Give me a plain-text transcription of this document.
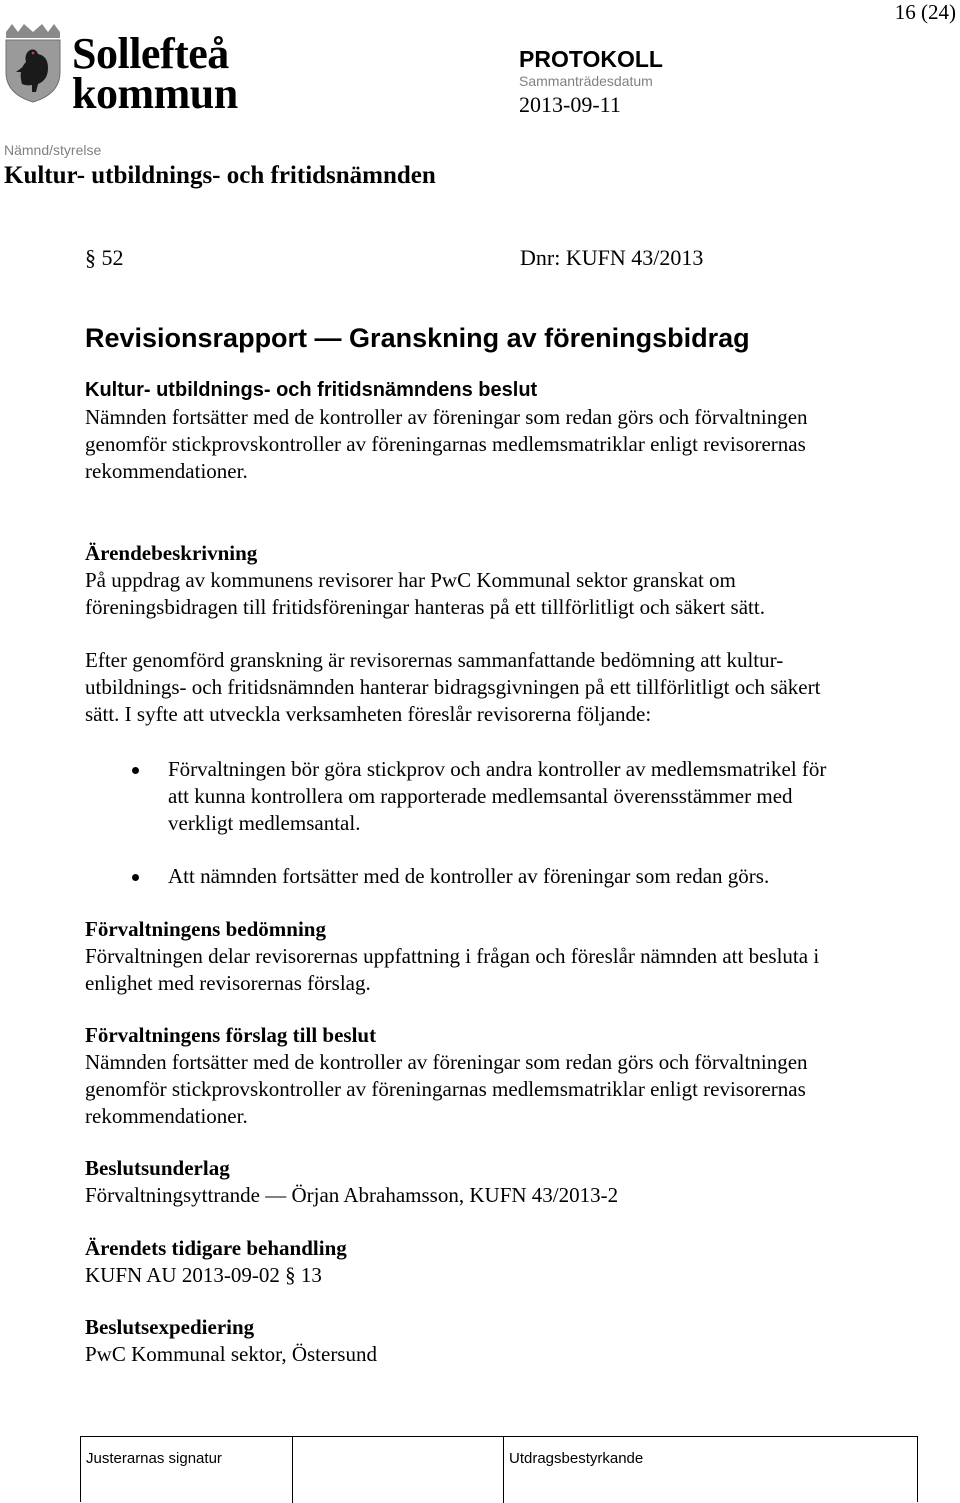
16 (24)
Sollefteå
kommun
PROTOKOLL
Sammanträdesdatum
2013-09-11
Nämnd/styrelse
Kultur- utbildnings- och fritidsnämnden
§ 52	Dnr: KUFN 43/2013
Revisionsrapport — Granskning av föreningsbidrag
Kultur- utbildnings- och fritidsnämndens beslut
Nämnden fortsätter med de kontroller av föreningar som redan görs och förvaltningen
genomför stickprovskontroller av föreningarnas medlemsmatriklar enligt revisorernas
rekommendationer.
Ärendebeskrivning
På uppdrag av kommunens revisorer har PwC Kommunal sektor granskat om
föreningsbidragen till fritidsföreningar hanteras på ett tillförlitligt och säkert sätt.
Efter genomförd granskning är revisorernas sammanfattande bedömning att kultur-
utbildnings- och fritidsnämnden hanterar bidragsgivningen på ett tillförlitligt och säkert
sätt. I syfte att utveckla verksamheten föreslår revisorerna följande:
Förvaltningen bör göra stickprov och andra kontroller av medlemsmatrikel för
att kunna kontrollera om rapporterade medlemsantal överensstämmer med
verkligt medlemsantal.
Att nämnden fortsätter med de kontroller av föreningar som redan görs.
Förvaltningens bedömning
Förvaltningen delar revisorernas uppfattning i frågan och föreslår nämnden att besluta i
enlighet med revisorernas förslag.
Förvaltningens förslag till beslut
Nämnden fortsätter med de kontroller av föreningar som redan görs och förvaltningen
genomför stickprovskontroller av föreningarnas medlemsmatriklar enligt revisorernas
rekommendationer.
Beslutsunderlag
Förvaltningsyttrande — Örjan Abrahamsson, KUFN 43/2013-2
Ärendets tidigare behandling
KUFN AU 2013-09-02 § 13
Beslutsexpediering
PwC Kommunal sektor, Östersund
Justerarnas signatur	Utdragsbestyrkande
